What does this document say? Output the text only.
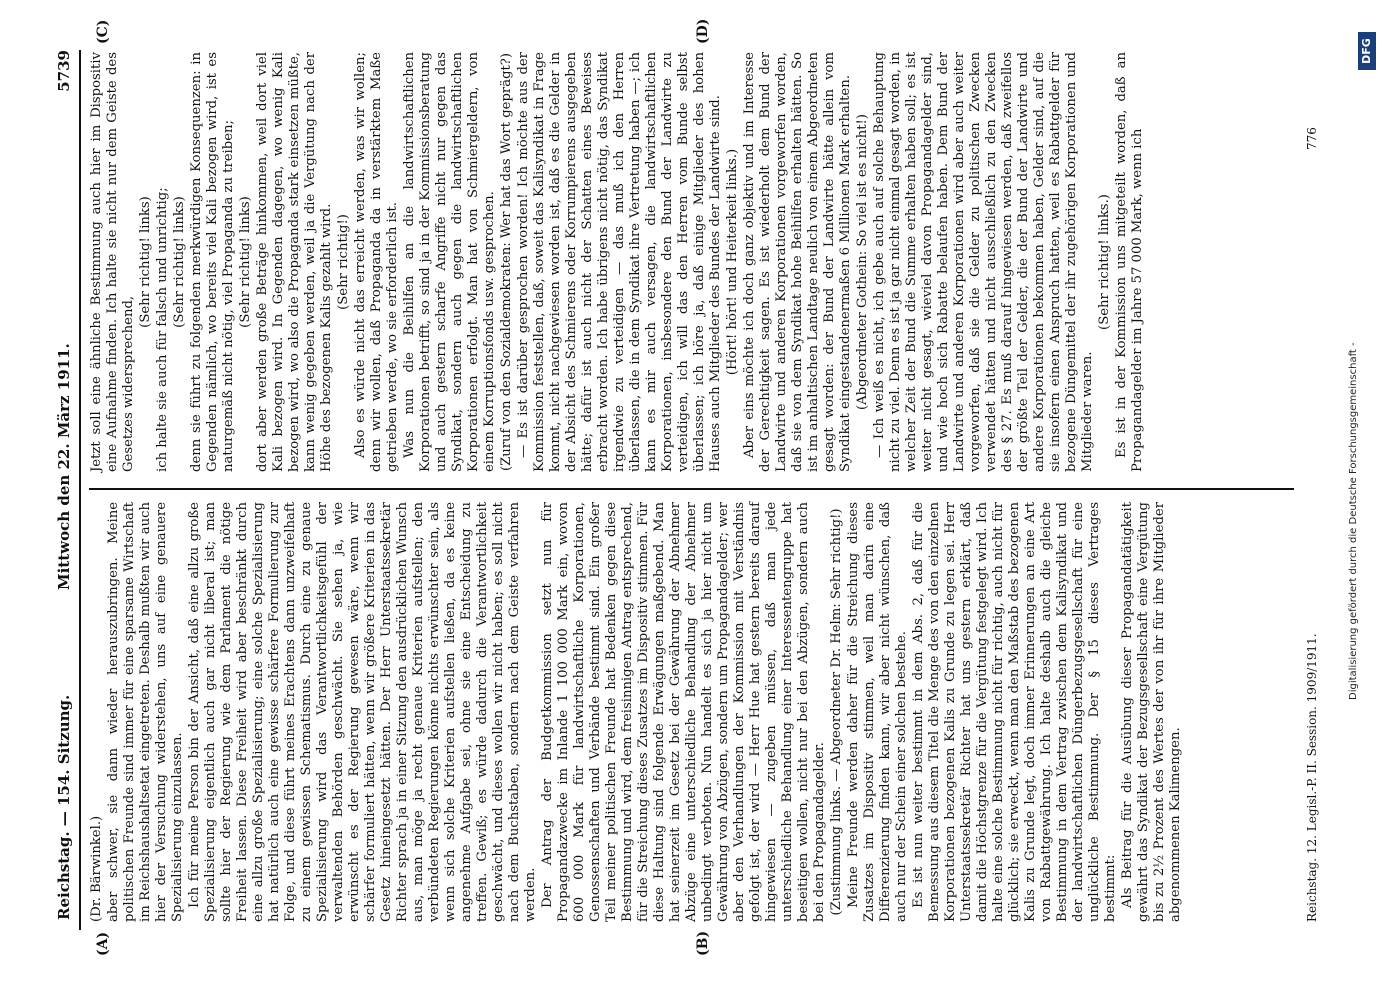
Reichstag. — 154. Sitzung.
Mittwoch den 22. März 1911.
5739
(A)	(B)
(C)	(D)

(Dr. Bärwinkel.) aber schwer, sie dann wieder herauszubringen. Meine politischen Freunde sind immer für eine sparsame Wirtschaft im Reichshaushaltsetat eingetreten. Deshalb mußten wir auch hier der Versuchung widerstehen, uns auf eine genauere Spezialisierung einzulassen. Ich für meine Person bin der Ansicht, daß eine allzu große Spezialisierung eigentlich auch gar nicht liberal ist; man sollte hier der Regierung wie dem Parlament die nötige Freiheit lassen. Diese Freiheit wird aber beschränkt durch eine allzu große Spezialisierung; eine solche Spezialisierung hat natürlich auch eine gewisse schärfere Formulierung zur Folge, und diese führt meines Erachtens dann unzweifelhaft zu einem gewissen Schematismus. Durch eine zu genaue Spezialisierung wird das Verantwortlichkeitsgefühl der verwaltenden Behörden geschwächt. Sie sehen ja, wie erwünscht es der Regierung gewesen wäre, wenn wir schärfer formuliert hätten, wenn wir größere Kriterien in das Gesetz hineingesetzt hätten. Der Herr Unterstaatssekretär Richter sprach ja in einer Sitzung den ausdrücklichen Wunsch aus, man möge ja recht genaue Kriterien aufstellen; den verbündeten Regierungen könne nichts erwünschter sein, als wenn sich solche Kriterien aufstellen ließen, da es keine angenehme Aufgabe sei, ohne sie eine Entscheidung zu treffen. Gewiß; es würde dadurch die Verantwortlichkeit geschwächt, und dieses wollen wir nicht haben; es soll nicht nach dem Buchstaben, sondern nach dem Geiste verfahren werden. Der Antrag der Budgetkommission setzt nun für Propagandazwecke im Inlande 1 100 000 Mark ein, wovon 600 000 Mark für landwirtschaftliche Korporationen, Genossenschaften und Verbände bestimmt sind. Ein großer Teil meiner politischen Freunde hat Bedenken gegen diese Bestimmung und wird, dem freisinnigen Antrag entsprechend, für die Streichung dieses Zusatzes im Dispositiv stimmen. Für diese Haltung sind folgende Erwägungen maßgebend. Man hat seinerzeit im Gesetz bei der Gewährung der Abnehmer Abzüge eine unterschiedliche Behandlung der Abnehmer unbedingt verboten. Nun handelt es sich ja hier nicht um Gewährung von Abzügen, sondern um Propagandagelder; wer aber den Verhandlungen der Kommission mit Verständnis gefolgt ist, der wird — Herr Hue hat gestern bereits darauf hingewiesen — zugeben müssen, daß man jede unterschiedliche Behandlung einer Interessentengruppe hat beseitigen wollen, nicht nur bei den Abzügen, sondern auch bei den Propagandagelder. (Zustimmung links. — Abgeordneter Dr. Helm: Sehr richtig!) Meine Freunde werden daher für die Streichung dieses Zusatzes im Dispositiv stimmen, weil man darin eine Differenzierung finden kann, wir aber nicht wünschen, daß auch nur der Schein einer solchen bestehe. Es ist nun weiter bestimmt in dem Abs. 2, daß für die Bemessung aus diesem Titel die Menge des von den einzelnen Korporationen bezogenen Kalis zu Grunde zu legen sei. Herr Unterstaatssekretär Richter hat uns gestern erklärt, daß damit die Höchstgrenze für die Vergütung festgelegt wird. Ich halte eine solche Bestimmung nicht für richtig, auch nicht für glücklich; sie erweckt, wenn man den Maßstab des bezogenen Kalis zu Grunde legt, doch immer Erinnerungen an eine Art von Rabattgewährung. Ich halte deshalb auch die gleiche Bestimmung in dem Vertrag zwischen dem Kalisyndikat und der landwirtschaftlichen Düngerbezugsgesellschaft für eine unglückliche Bestimmung. Der § 15 dieses Vertrages bestimmt: Als Beitrag für die Ausübung dieser Propagandatätigkeit gewährt das Syndikat der Bezugsgesellschaft eine Vergütung bis zu 2½ Prozent des Wertes der von ihr für ihre Mitglieder abgenommenen Kalimengen.

Jetzt soll eine ähnliche Bestimmung auch hier im Dispositiv eine Aufnahme finden. Ich halte sie nicht nur dem Geiste des Gesetzes widersprechend,

(Sehr richtig! links) ich halte sie auch für falsch und unrichtig; (Sehr richtig! links) denn sie führt zu folgenden merkwürdigen Konsequenzen: in Gegenden nämlich, wo bereits viel Kali bezogen wird, ist es naturgemäß nicht nötig, viel Propaganda zu treiben; (Sehr richtig! links) dort aber werden große Beträge hinkommen, weil dort viel Kali bezogen wird. In Gegenden dagegen, wo wenig Kali bezogen wird, wo also die Propaganda stark einsetzen müßte, kann wenig gegeben werden, weil ja die Vergütung nach der Höhe des bezogenen Kalis gezahlt wird. (Sehr richtig!) Also es würde nicht das erreicht werden, was wir wollen; denn wir wollen, daß Propaganda da in verstärktem Maße getrieben werde, wo sie erforderlich ist. Was nun die Beihilfen an die landwirtschaftlichen Korporationen betrifft, so sind ja in der Kommissionsberatung und auch gestern scharfe Angriffe nicht nur gegen das Syndikat, sondern auch gegen die landwirtschaftlichen Korporationen erfolgt. Man hat von Schmiergeldern, von einem Korruptionsfonds usw. gesprochen. (Zuruf von den Sozialdemokraten: Wer hat das Wort geprägt?) — Es ist darüber gesprochen worden! Ich möchte aus der Kommission feststellen, daß, soweit das Kalisyndikat in Frage kommt, nicht nachgewiesen worden ist, daß es die Gelder in der Absicht des Schmierens oder Korrumpierens ausgegeben hätte; dafür ist auch nicht der Schatten eines Beweises erbracht worden. Ich habe übrigens nicht nötig, das Syndikat irgendwie zu verteidigen — das muß ich den Herren überlassen, die in dem Syndikat ihre Vertretung haben —; ich kann es mir auch versagen, die landwirtschaftlichen Korporationen, insbesondere den Bund der Landwirte zu verteidigen, ich will das den Herren vom Bunde selbst überlassen; ich höre ja, daß einige Mitglieder des hohen Hauses auch Mitglieder des Bundes der Landwirte sind. (Hört! hört! und Heiterkeit links.) Aber eins möchte ich doch ganz objektiv und im Interesse der Gerechtigkeit sagen. Es ist wiederholt dem Bund der Landwirte und anderen Korporationen vorgeworfen worden, daß sie von dem Syndikat hohe Beihilfen erhalten hätten. So ist im anhaltischen Landtage neulich von einem Abgeordneten gesagt worden: der Bund der Landwirte hätte allein vom Syndikat eingestandenermaßen 6 Millionen Mark erhalten. (Abgeordneter Gothein: So viel ist es nicht!) — Ich weiß es nicht, ich gebe auch auf solche Behauptung nicht zu viel. Denn es ist ja gar nicht einmal gesagt worden, in welcher Zeit der Bund die Summe erhalten haben soll; es ist weiter nicht gesagt, wieviel davon Propagandagelder sind, und wie hoch sich Rabatte belaufen haben. Dem Bund der Landwirte und anderen Korporationen wird aber auch weiter vorgeworfen, daß sie die Gelder zu politischen Zwecken verwendet hätten und nicht ausschließlich zu den Zwecken des § 27. Es muß darauf hingewiesen werden, daß zweifellos der größte Teil der Gelder, die der Bund der Landwirte und andere Korporationen bekommen haben, Gelder sind, auf die sie insofern einen Anspruch hatten, weil es Rabattgelder für bezogene Düngemittel der ihr zugehörigen Korporationen und Mitglieder waren.

(Sehr richtig! links.) Es ist in der Kommission uns mitgeteilt worden, daß an Propagandagelder im Jahre 57 000 Mark, wenn ich

Reichstag. 12. Legisl.-P. II. Session. 1909/1911.
776
Digitalisierung gefördert durch die Deutsche Forschungsgemeinschaft -
DFG
